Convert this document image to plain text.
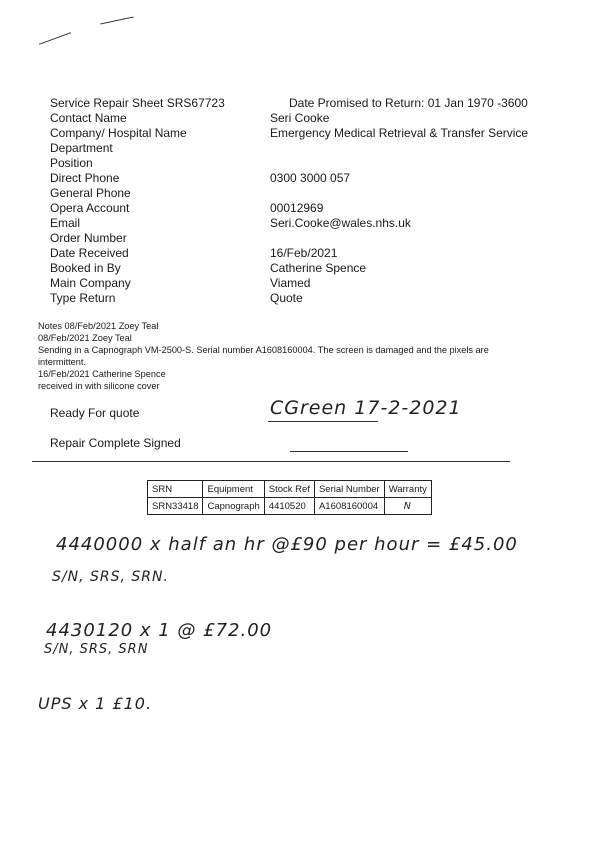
Service Repair Sheet SRS67723	Date Promised to Return: 01 Jan 1970 -3600
Contact Name	Seri Cooke
Company/ Hospital Name	Emergency Medical Retrieval & Transfer Service
Department
Position
Direct Phone	0300 3000 057
General Phone
Opera Account	00012969
Email	Seri.Cooke@wales.nhs.uk
Order Number
Date Received	16/Feb/2021
Booked in By	Catherine Spence
Main Company	Viamed
Type Return	Quote
Notes 08/Feb/2021 Zoey Teal
08/Feb/2021 Zoey Teal
Sending in a Capnograph VM-2500-S. Serial number A1608160004. The screen is damaged and the pixels are
intermittent.
16/Feb/2021 Catherine Spence
received in with silicone cover
Ready For quote	CGreen 17-2-2021
Repair Complete Signed
SRN	Equipment	Stock Ref	Serial Number	Warranty
SRN33418	Capnograph	4410520	A1608160004	N
4440000 x half an hr @£90 per hour = £45.00
S/N, SRS, SRN.
4430120 x 1 @ £72.00
S/N, SRS, SRN
UPS x 1 £10.
